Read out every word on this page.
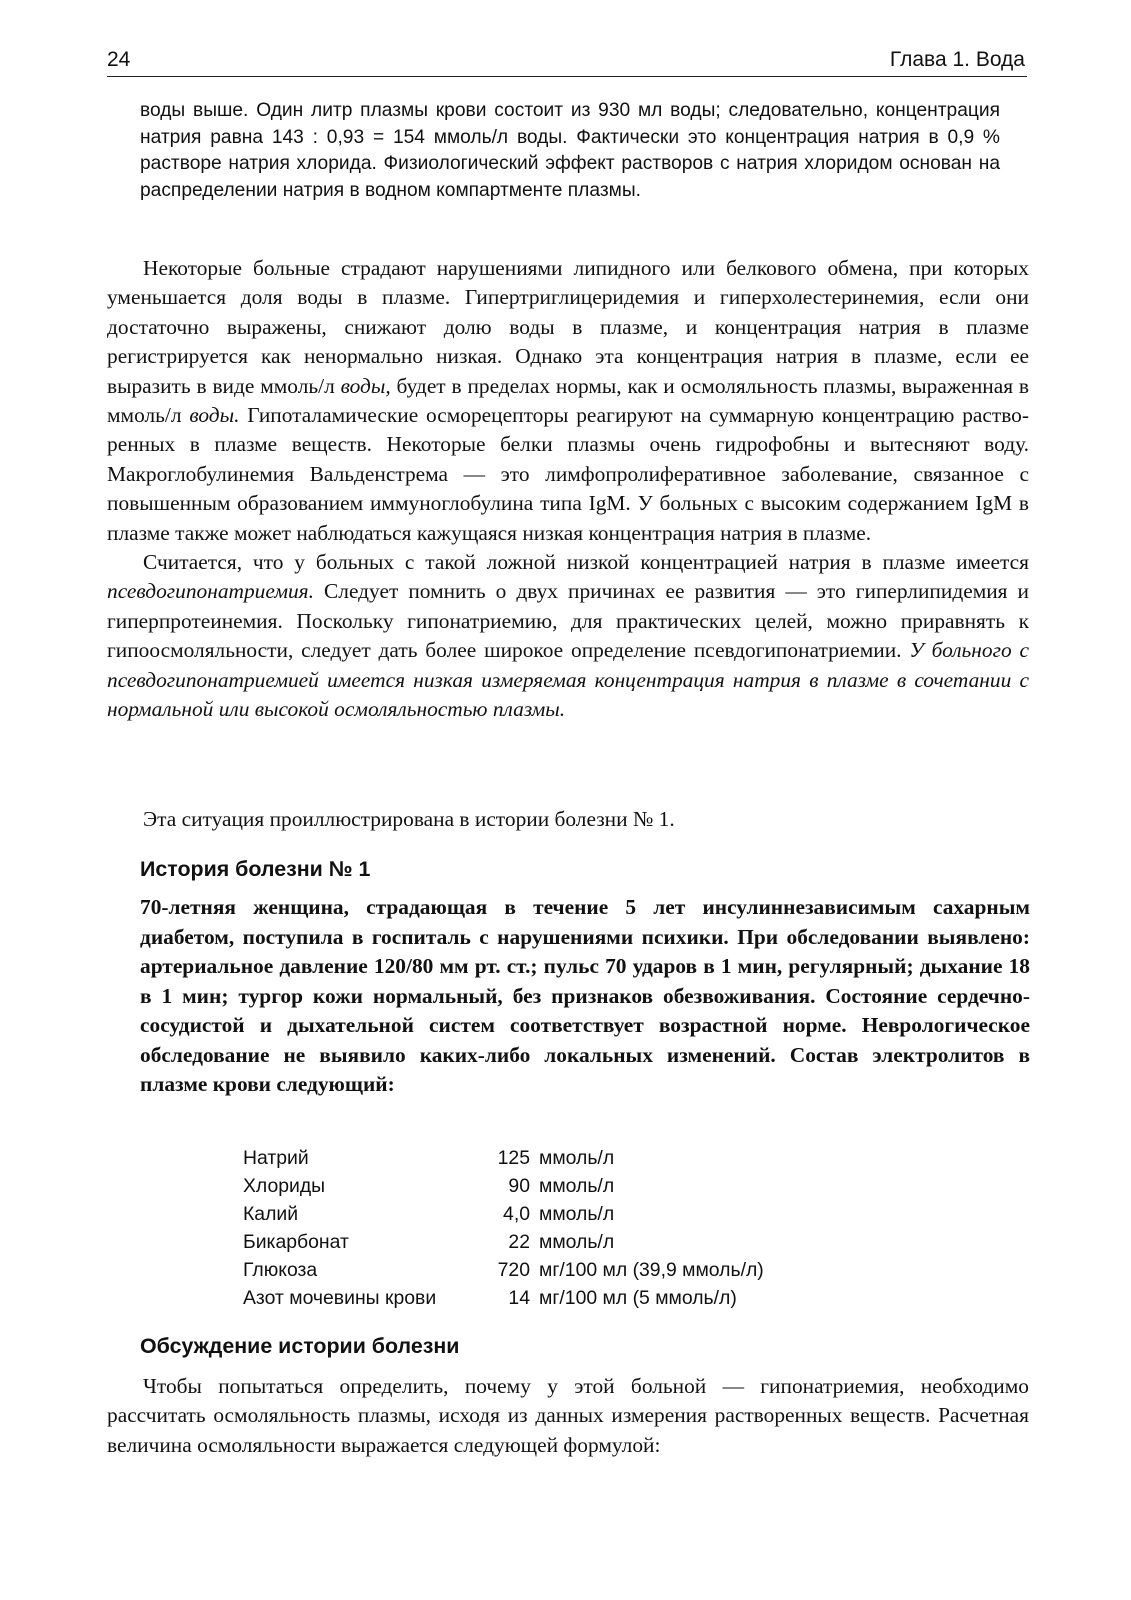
24	Глава 1. Вода
воды выше. Один литр плазмы крови состоит из 930 мл воды; следовательно, концентрация натрия равна 143 : 0,93 = 154 ммоль/л воды. Фактически это концентрация натрия в 0,9 % растворе натрия хлорида. Физиологический эффект растворов с натрия хлоридом основан на распределении натрия в водном компартменте плазмы.

Некоторые больные страдают нарушениями липидного или белкового обмена, при которых уменьшается доля воды в плазме. Гипертриглицеридемия и гиперхолестеринемия, если они достаточно выражены, снижают долю воды в плазме, и концентрация натрия в плазме регистрируется как ненормально низкая. Однако эта концентрация натрия в плазме, если ее выразить в виде ммоль/л воды, будет в пределах нормы, как и осмоляльность плазмы, выраженная в ммоль/л воды. Гипоталамические осморецепторы реагируют на суммарную концентрацию растворенных в плазме веществ. Некоторые белки плазмы очень гидрофобны и вытесняют воду. Макроглобулинемия Вальденстрема — это лимфопролиферативное заболевание, связанное с повышенным образованием иммуноглобулина типа IgM. У больных с высоким содержанием IgM в плазме также может наблюдаться кажущаяся низкая концентрация натрия в плазме.

Считается, что у больных с такой ложной низкой концентрацией натрия в плазме имеется псевдогипонатриемия. Следует помнить о двух причинах ее развития — это гиперлипидемия и гиперпротеинемия. Поскольку гипонатриемию, для практических целей, можно приравнять к гипоосмоляльности, следует дать более широкое определение псевдогипонатриемии. У больного с псевдогипонатриемией имеется низкая измеряемая концентрация натрия в плазме в сочетании с нормальной или высокой осмоляльностью плазмы.

Эта ситуация проиллюстрирована в истории болезни № 1.
История болезни № 1
70-летняя женщина, страдающая в течение 5 лет инсулиннезависимым сахарным диабетом, поступила в госпиталь с нарушениями психики. При обследовании выявлено: артериальное давление 120/80 мм рт. ст.; пульс 70 ударов в 1 мин, регулярный; дыхание 18 в 1 мин; тургор кожи нормальный, без признаков обезвоживания. Состояние сердечно-сосудистой и дыхательной систем соответствует возрастной норме. Неврологическое обследование не выявило каких-либо локальных изменений. Состав электролитов в плазме крови следующий:
Натрий	125 ммоль/л
Хлориды	90 ммоль/л
Калий	4,0 ммоль/л
Бикарбонат	22 ммоль/л
Глюкоза	720 мг/100 мл (39,9 ммоль/л)
Азот мочевины крови	14 мг/100 мл (5 ммоль/л)
Обсуждение истории болезни

Чтобы попытаться определить, почему у этой больной — гипонатриемия, необходимо рассчитать осмоляльность плазмы, исходя из данных измерения растворенных веществ. Расчетная величина осмоляльности выражается следующей формулой:
